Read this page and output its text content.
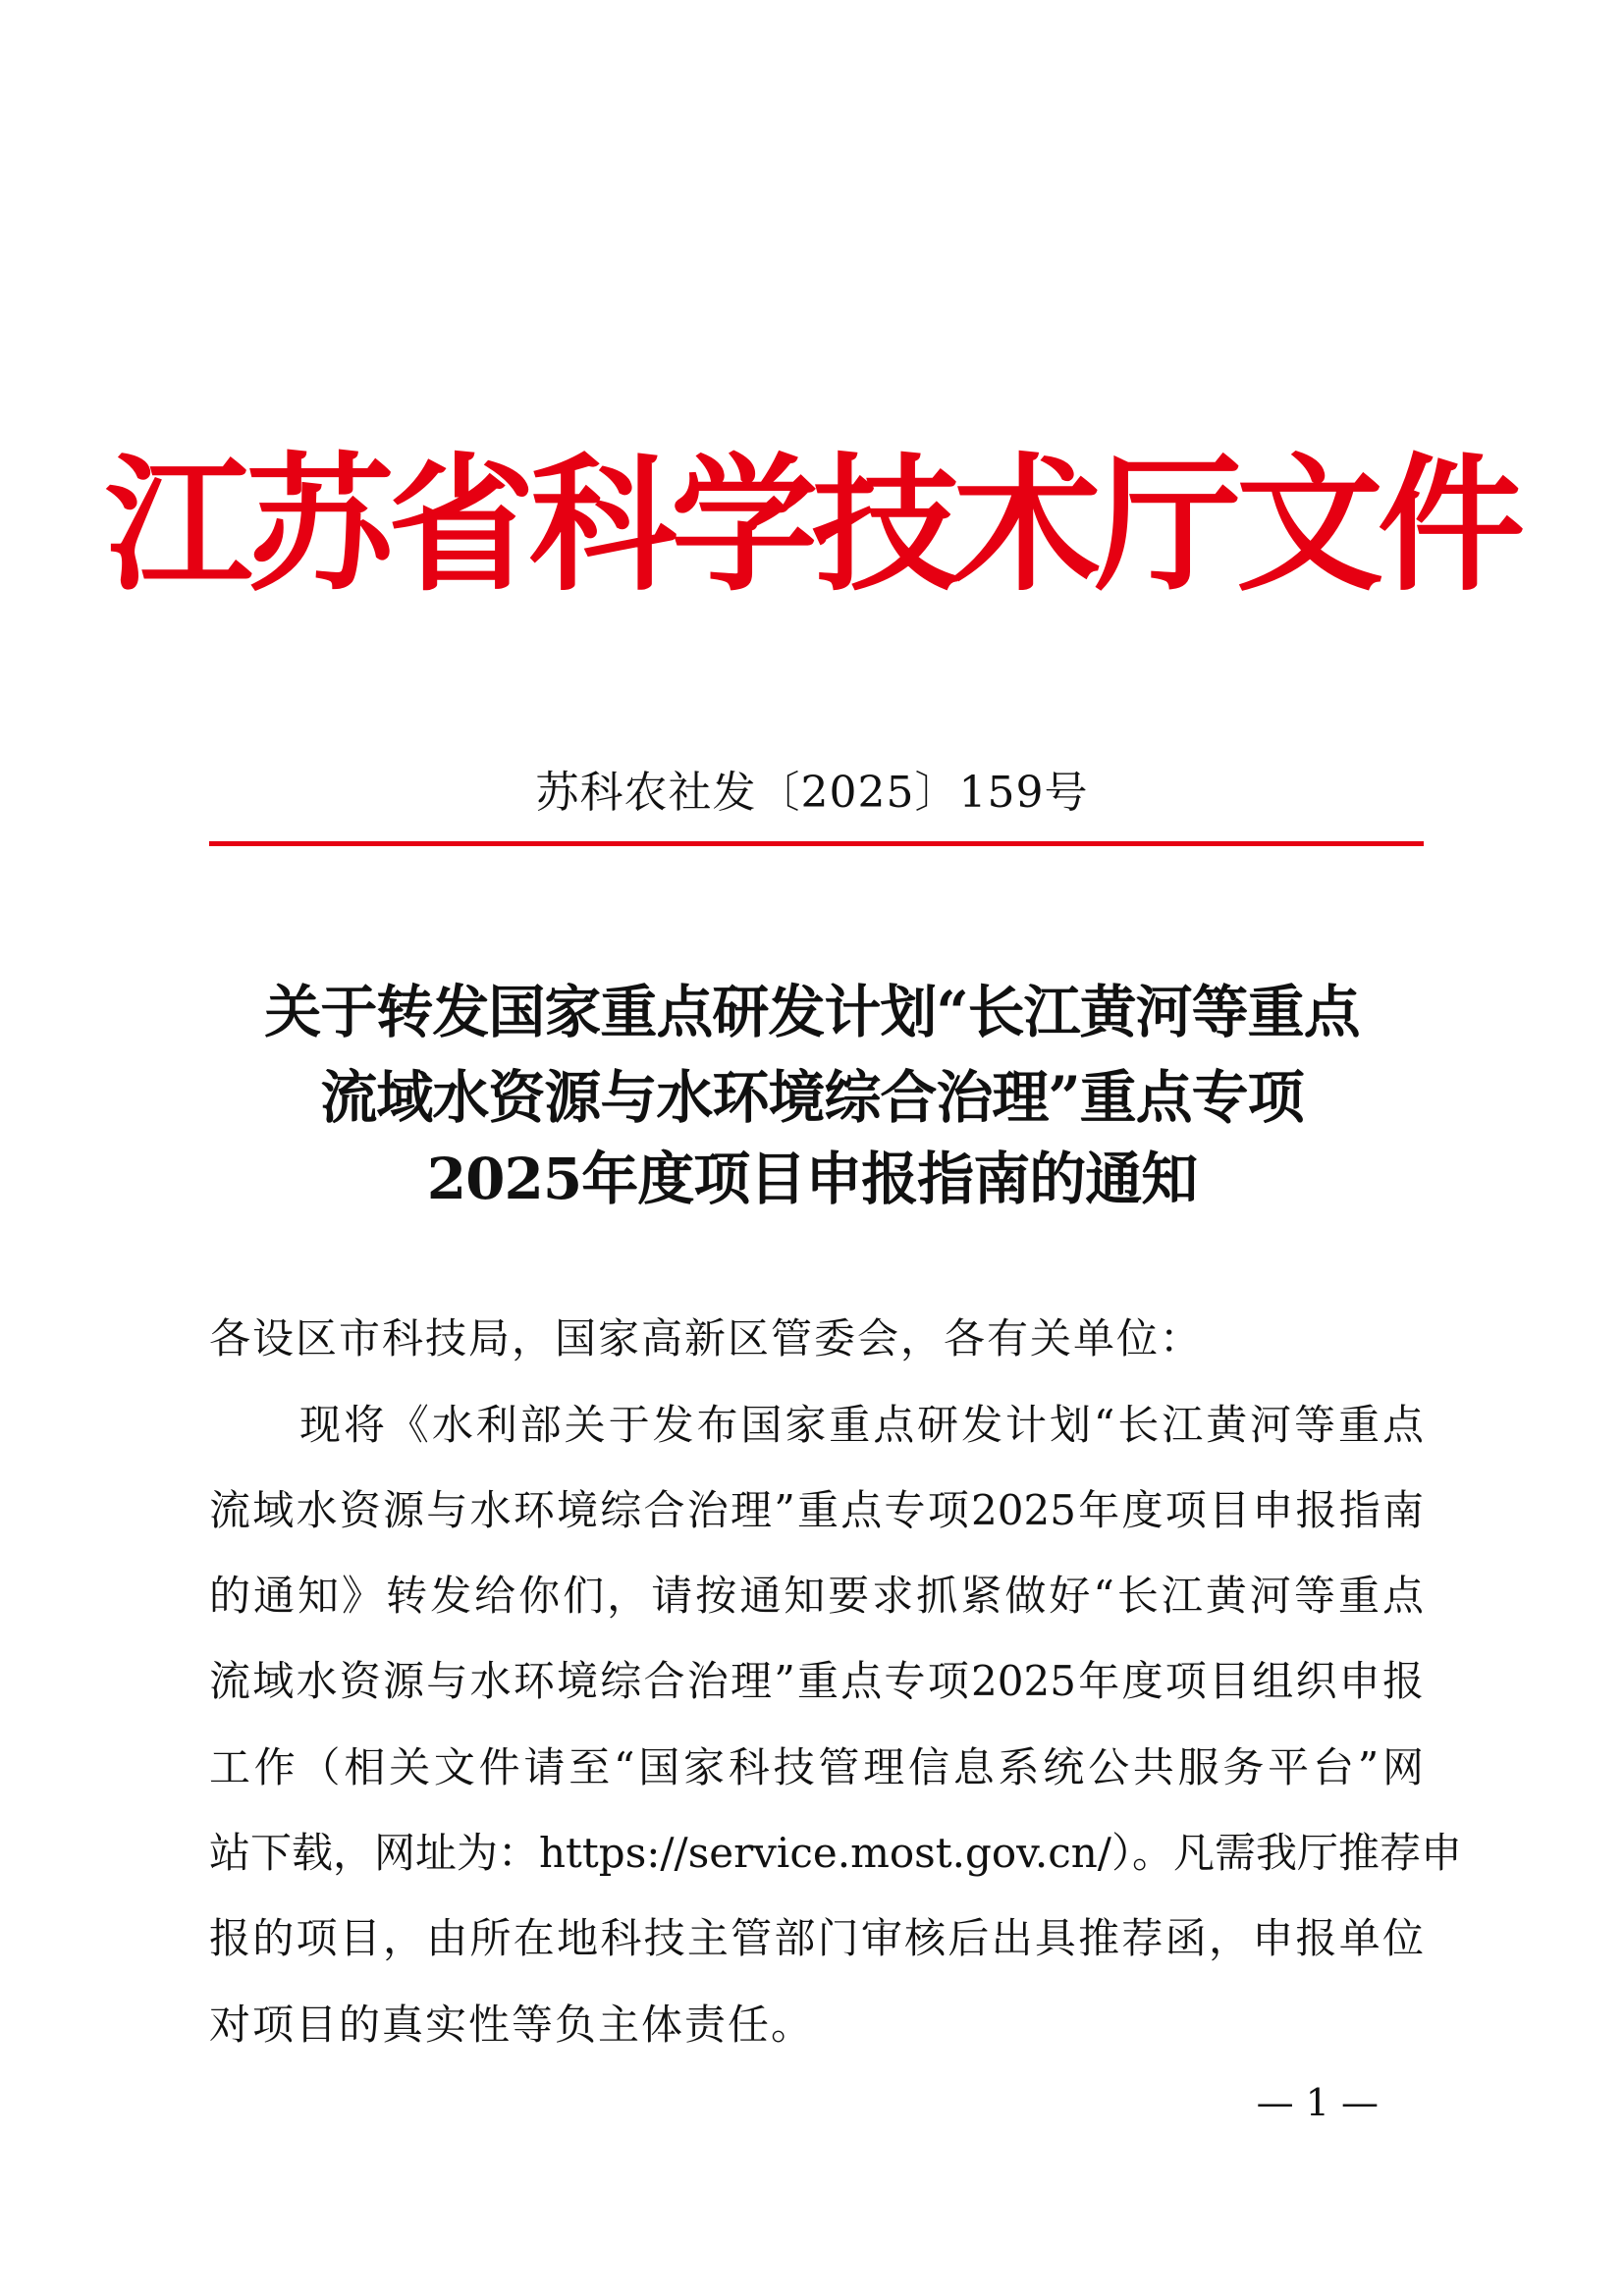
江苏省科学技术厅文件
苏科农社发〔2025〕159号
关于转发国家重点研发计划“长江黄河等重点
流域水资源与水环境综合治理”重点专项
2025年度项目申报指南的通知
各设区市科技局，国家高新区管委会，各有关单位：
现将《水利部关于发布国家重点研发计划“长江黄河等重点
流域水资源与水环境综合治理”重点专项2025年度项目申报指南
的通知》转发给你们，请按通知要求抓紧做好“长江黄河等重点
流域水资源与水环境综合治理”重点专项2025年度项目组织申报
工作（相关文件请至“国家科技管理信息系统公共服务平台”网
站下载，网址为：https://service.most.gov.cn/）。凡需我厅推荐申
报的项目，由所在地科技主管部门审核后出具推荐函，申报单位
对项目的真实性等负主体责任。
— 1 —
